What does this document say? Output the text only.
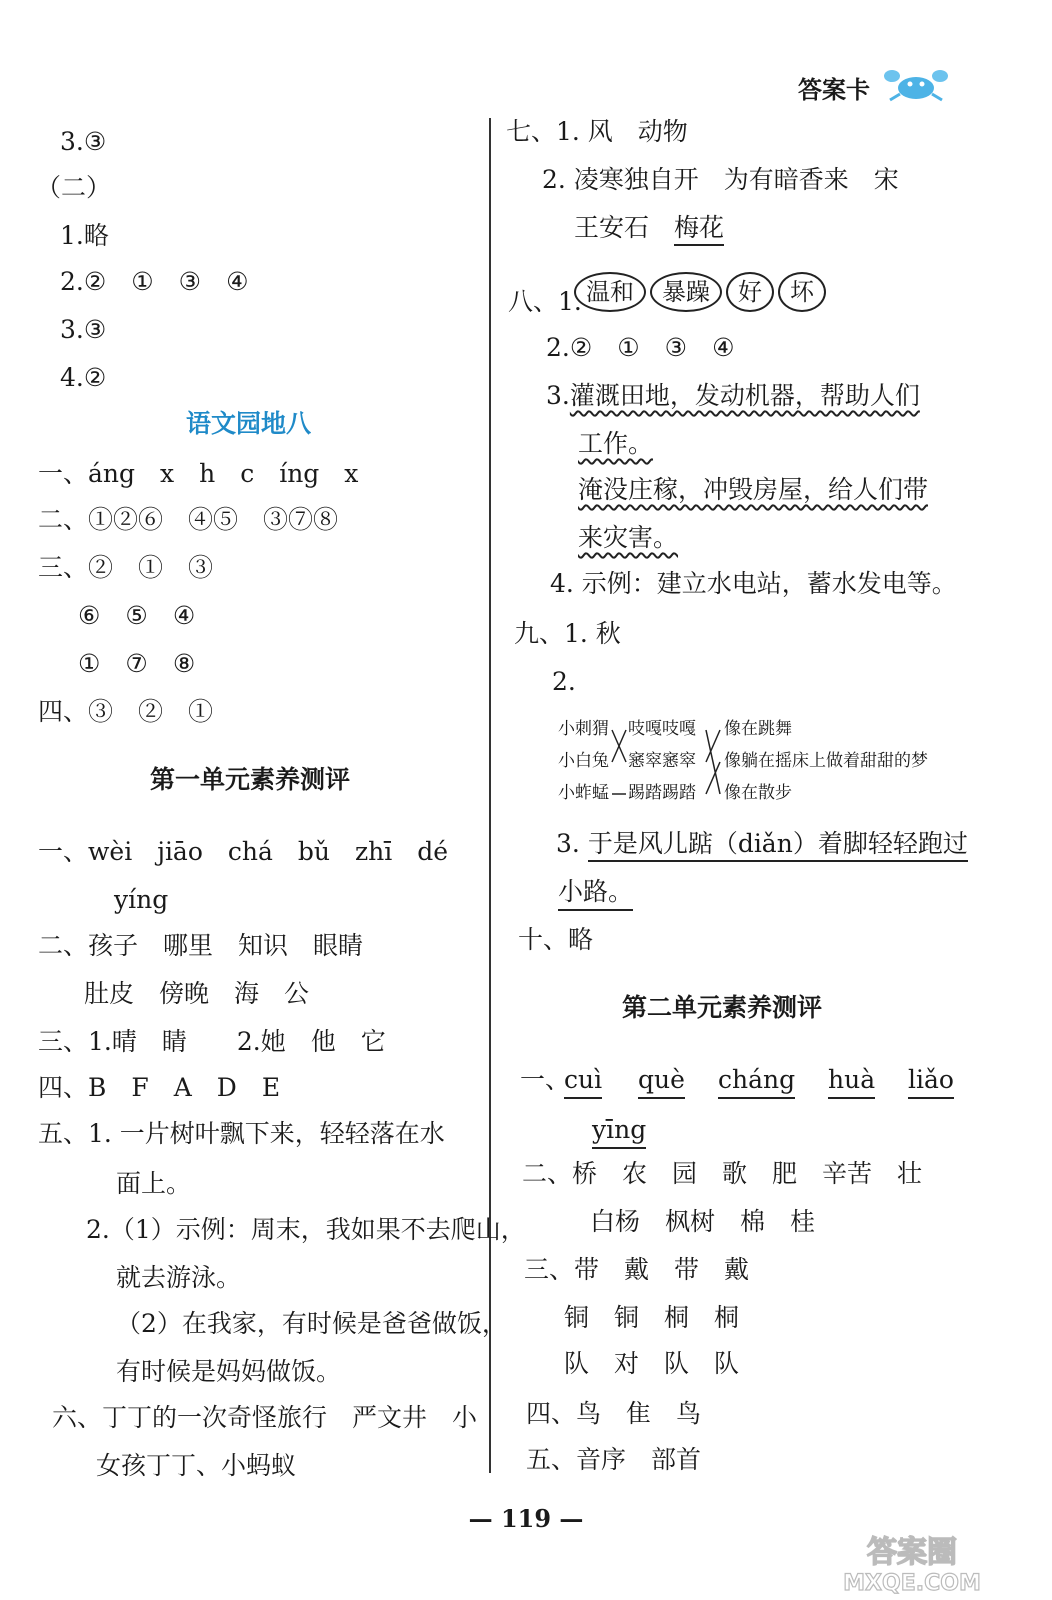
答案卡
3.③
（二）
1.略
2.②　①　③　④
3.③
4.②
语文园地八
一、áng　x　h　c　íng　x
二、①②⑥　④⑤　③⑦⑧
三、②　①　③
⑥　⑤　④
①　⑦　⑧
四、③　②　①
第一单元素养测评
一、wèi　jiāo　chá　bǔ　zhī　dé
yíng
二、孩子　哪里　知识　眼睛
肚皮　傍晚　海　公
三、1.晴　睛　　2.她　他　它
四、B　F　A　D　E
五、1. 一片树叶飘下来，轻轻落在水
面上。
2.（1）示例：周末，我如果不去爬山，
就去游泳。
（2）在我家，有时候是爸爸做饭，
有时候是妈妈做饭。
六、丁丁的一次奇怪旅行　严文井　小
女孩丁丁、小蚂蚁
七、1. 风　动物
2. 凌寒独自开　为有暗香来　宋
王安石　梅花
八、1. 温和 暴躁 好 坏
2.②　①　③　④
3.灌溉田地，发动机器，帮助人们
工作。
淹没庄稼，冲毁房屋，给人们带
来灾害。
4. 示例：建立水电站，蓄水发电等。
九、1. 秋
2.
小刺猬
小白兔
小蚱蜢
吱嘎吱嘎
窸窣窸窣
踢踏踢踏
像在跳舞
像躺在摇床上做着甜甜的梦
像在散步
3. 于是风儿踮（diǎn）着脚轻轻跑过
小路。
十、略
第二单元素养测评
一、
cuì què cháng huà liǎo
yīng
二、桥　农　园　歌　肥　辛苦　壮
白杨　枫树　棉　桂
三、带　戴　带　戴
铜　铜　桐　桐
队　对　队　队
四、鸟　隹　鸟
五、音序　部首
— 119 —
答案圈
MXQE.COM
